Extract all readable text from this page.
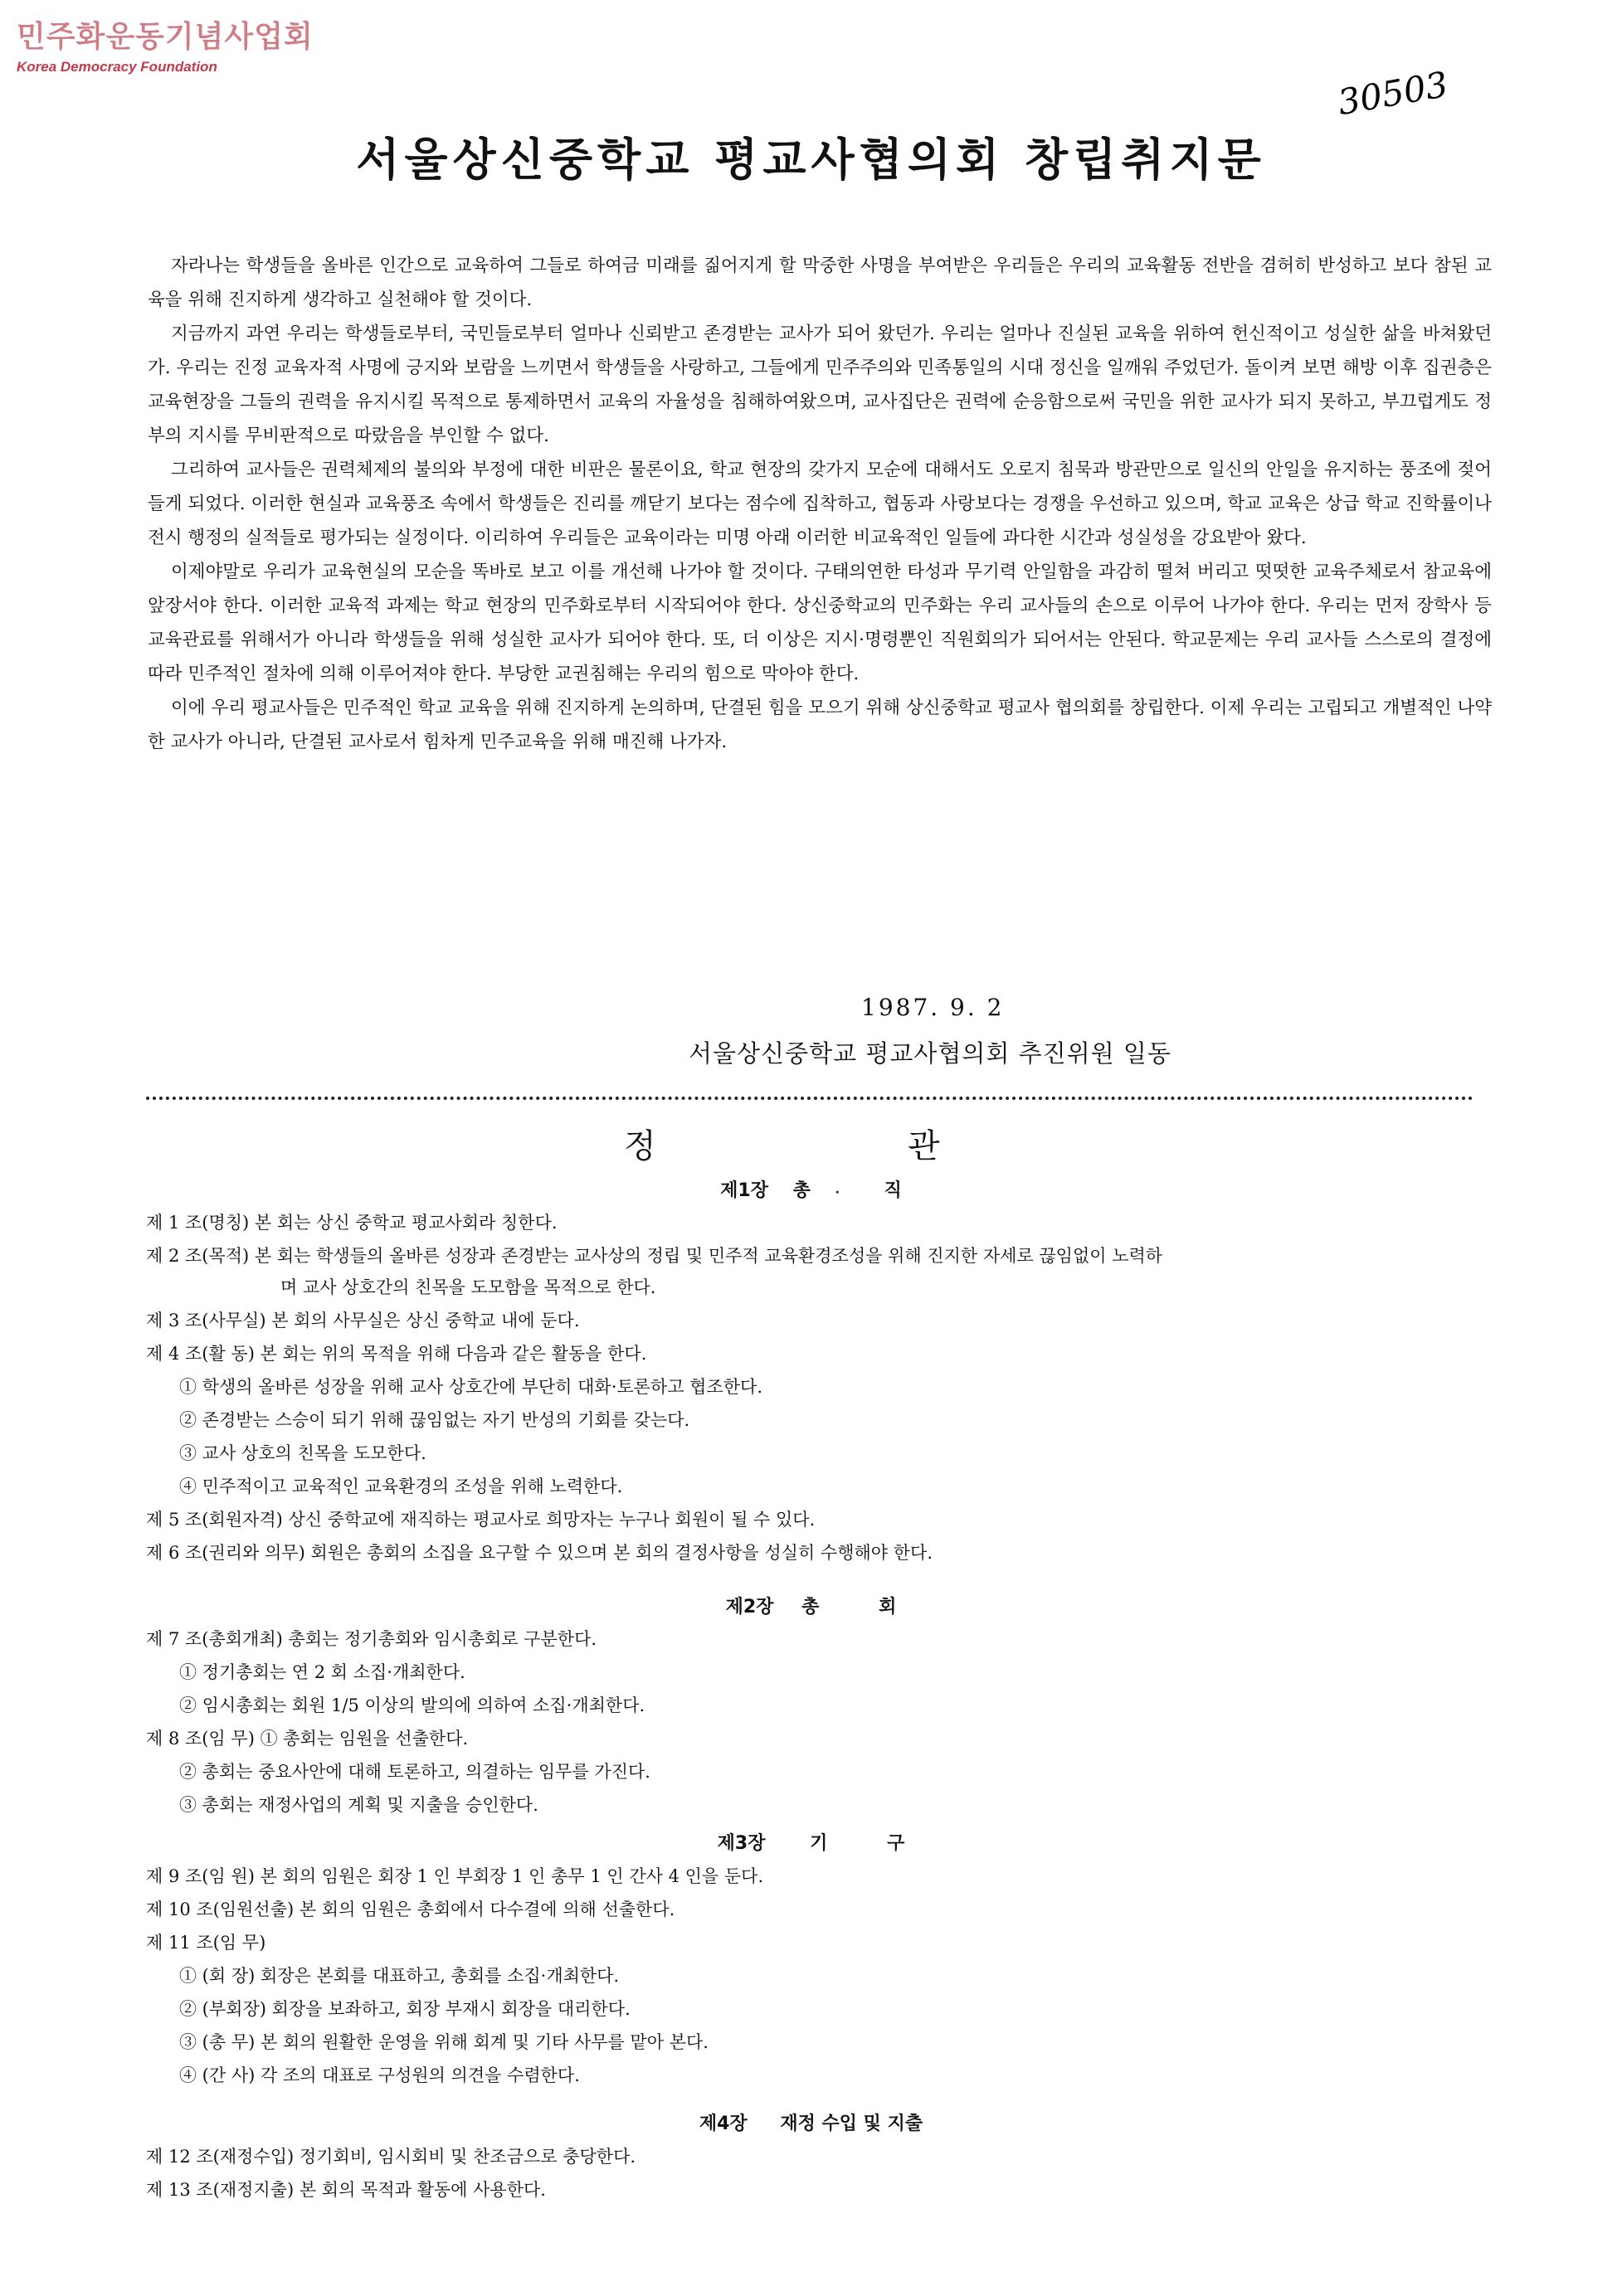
민주화운동기념사업회
Korea Democracy Foundation	30503
서울상신중학교 평교사협의회 창립취지문

자라나는 학생들을 올바른 인간으로 교육하여 그들로 하여금 미래를 짊어지게 할 막중한 사명을 부여받은 우리들은 우리의 교육활동 전반을 겸허히 반성하고 보다 참된 교육을 위해 진지하게 생각하고 실천해야 할 것이다.

지금까지 과연 우리는 학생들로부터, 국민들로부터 얼마나 신뢰받고 존경받는 교사가 되어 왔던가. 우리는 얼마나 진실된 교육을 위하여 헌신적이고 성실한 삶을 바쳐왔던가. 우리는 진정 교육자적 사명에 긍지와 보람을 느끼면서 학생들을 사랑하고, 그들에게 민주주의와 민족통일의 시대 정신을 일깨워 주었던가. 돌이켜 보면 해방 이후 집권층은 교육현장을 그들의 권력을 유지시킬 목적으로 통제하면서 교육의 자율성을 침해하여왔으며, 교사집단은 권력에 순응함으로써 국민을 위한 교사가 되지 못하고, 부끄럽게도 정부의 지시를 무비판적으로 따랐음을 부인할 수 없다.

그리하여 교사들은 권력체제의 불의와 부정에 대한 비판은 물론이요, 학교 현장의 갖가지 모순에 대해서도 오로지 침묵과 방관만으로 일신의 안일을 유지하는 풍조에 젖어들게 되었다. 이러한 현실과 교육풍조 속에서 학생들은 진리를 깨닫기 보다는 점수에 집착하고, 협동과 사랑보다는 경쟁을 우선하고 있으며, 학교 교육은 상급 학교 진학률이나 전시 행정의 실적들로 평가되는 실정이다. 이리하여 우리들은 교육이라는 미명 아래 이러한 비교육적인 일들에 과다한 시간과 성실성을 강요받아 왔다.

이제야말로 우리가 교육현실의 모순을 똑바로 보고 이를 개선해 나가야 할 것이다. 구태의연한 타성과 무기력 안일함을 과감히 떨쳐 버리고 떳떳한 교육주체로서 참교육에 앞장서야 한다. 이러한 교육적 과제는 학교 현장의 민주화로부터 시작되어야 한다. 상신중학교의 민주화는 우리 교사들의 손으로 이루어 나가야 한다. 우리는 먼저 장학사 등 교육관료를 위해서가 아니라 학생들을 위해 성실한 교사가 되어야 한다. 또, 더 이상은 지시·명령뿐인 직원회의가 되어서는 안된다. 학교문제는 우리 교사들 스스로의 결정에 따라 민주적인 절차에 의해 이루어져야 한다. 부당한 교권침해는 우리의 힘으로 막아야 한다.

이에 우리 평교사들은 민주적인 학교 교육을 위해 진지하게 논의하며, 단결된 힘을 모으기 위해 상신중학교 평교사 협의회를 창립한다. 이제 우리는 고립되고 개별적인 나약한 교사가 아니라, 단결된 교사로서 힘차게 민주교육을 위해 매진해 나가자.

1987. 9. 2
서울상신중학교 평교사협의회 추진위원 일동
정	관
제1장 총 · 직
제2장 총	회
제3장 기	구
제4장 재정 수입 및 지출
제 1 조(명칭) 본 회는 상신 중학교 평교사회라 칭한다.
제 2 조(목적) 본 회는 학생들의 올바른 성장과 존경받는 교사상의 정립 및 민주적 교육환경조성을 위해 진지한 자세로 끊임없이 노력하
며 교사 상호간의 친목을 도모함을 목적으로 한다.
제 3 조(사무실) 본 회의 사무실은 상신 중학교 내에 둔다.
제 4 조(활 동) 본 회는 위의 목적을 위해 다음과 같은 활동을 한다.
① 학생의 올바른 성장을 위해 교사 상호간에 부단히 대화·토론하고 협조한다.
② 존경받는 스승이 되기 위해 끊임없는 자기 반성의 기회를 갖는다.
③ 교사 상호의 친목을 도모한다.
④ 민주적이고 교육적인 교육환경의 조성을 위해 노력한다.
제 5 조(회원자격) 상신 중학교에 재직하는 평교사로 희망자는 누구나 회원이 될 수 있다.
제 6 조(권리와 의무) 회원은 총회의 소집을 요구할 수 있으며 본 회의 결정사항을 성실히 수행해야 한다.
제 7 조(총회개최) 총회는 정기총회와 임시총회로 구분한다.
① 정기총회는 연 2 회 소집·개최한다.
② 임시총회는 회원 1/5 이상의 발의에 의하여 소집·개최한다.
제 8 조(임 무) ① 총회는 임원을 선출한다.
② 총회는 중요사안에 대해 토론하고, 의결하는 임무를 가진다.
③ 총회는 재정사업의 계획 및 지출을 승인한다.
제 9 조(임 원) 본 회의 임원은 회장 1 인 부회장 1 인 총무 1 인 간사 4 인을 둔다.
제 10 조(임원선출) 본 회의 임원은 총회에서 다수결에 의해 선출한다.
제 11 조(임 무)
① (회 장) 회장은 본회를 대표하고, 총회를 소집·개최한다.
② (부회장) 회장을 보좌하고, 회장 부재시 회장을 대리한다.
③ (총 무) 본 회의 원활한 운영을 위해 회계 및 기타 사무를 맡아 본다.
④ (간 사) 각 조의 대표로 구성원의 의견을 수렴한다.
제 12 조(재정수입) 정기회비, 임시회비 및 찬조금으로 충당한다.
제 13 조(재정지출) 본 회의 목적과 활동에 사용한다.
